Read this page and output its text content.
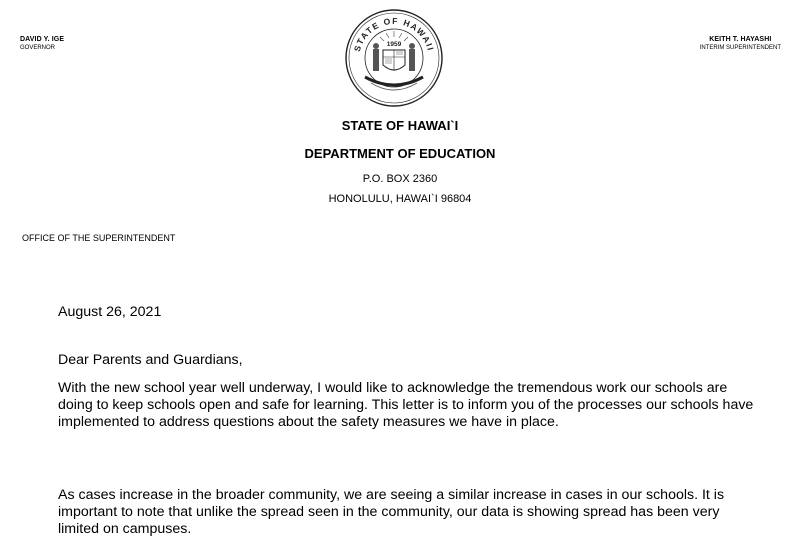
DAVID Y. IGE
GOVERNOR	STATE OF HAWAII
1959
KEITH T. HAYASHI
INTERIM SUPERINTENDENT
STATE OF HAWAI`I
DEPARTMENT OF EDUCATION
P.O. BOX 2360
HONOLULU, HAWAI`I 96804
OFFICE OF THE SUPERINTENDENT
August 26, 2021
Dear Parents and Guardians,
With the new school year well underway, I would like to acknowledge the tremendous work our schools are doing to keep schools open and safe for learning. This letter is to inform you of the processes our schools have implemented to address questions about the safety measures we have in place.
As cases increase in the broader community, we are seeing a similar increase in cases in our schools. It is important to note that unlike the spread seen in the community, our data is showing spread has been very limited on campuses.
